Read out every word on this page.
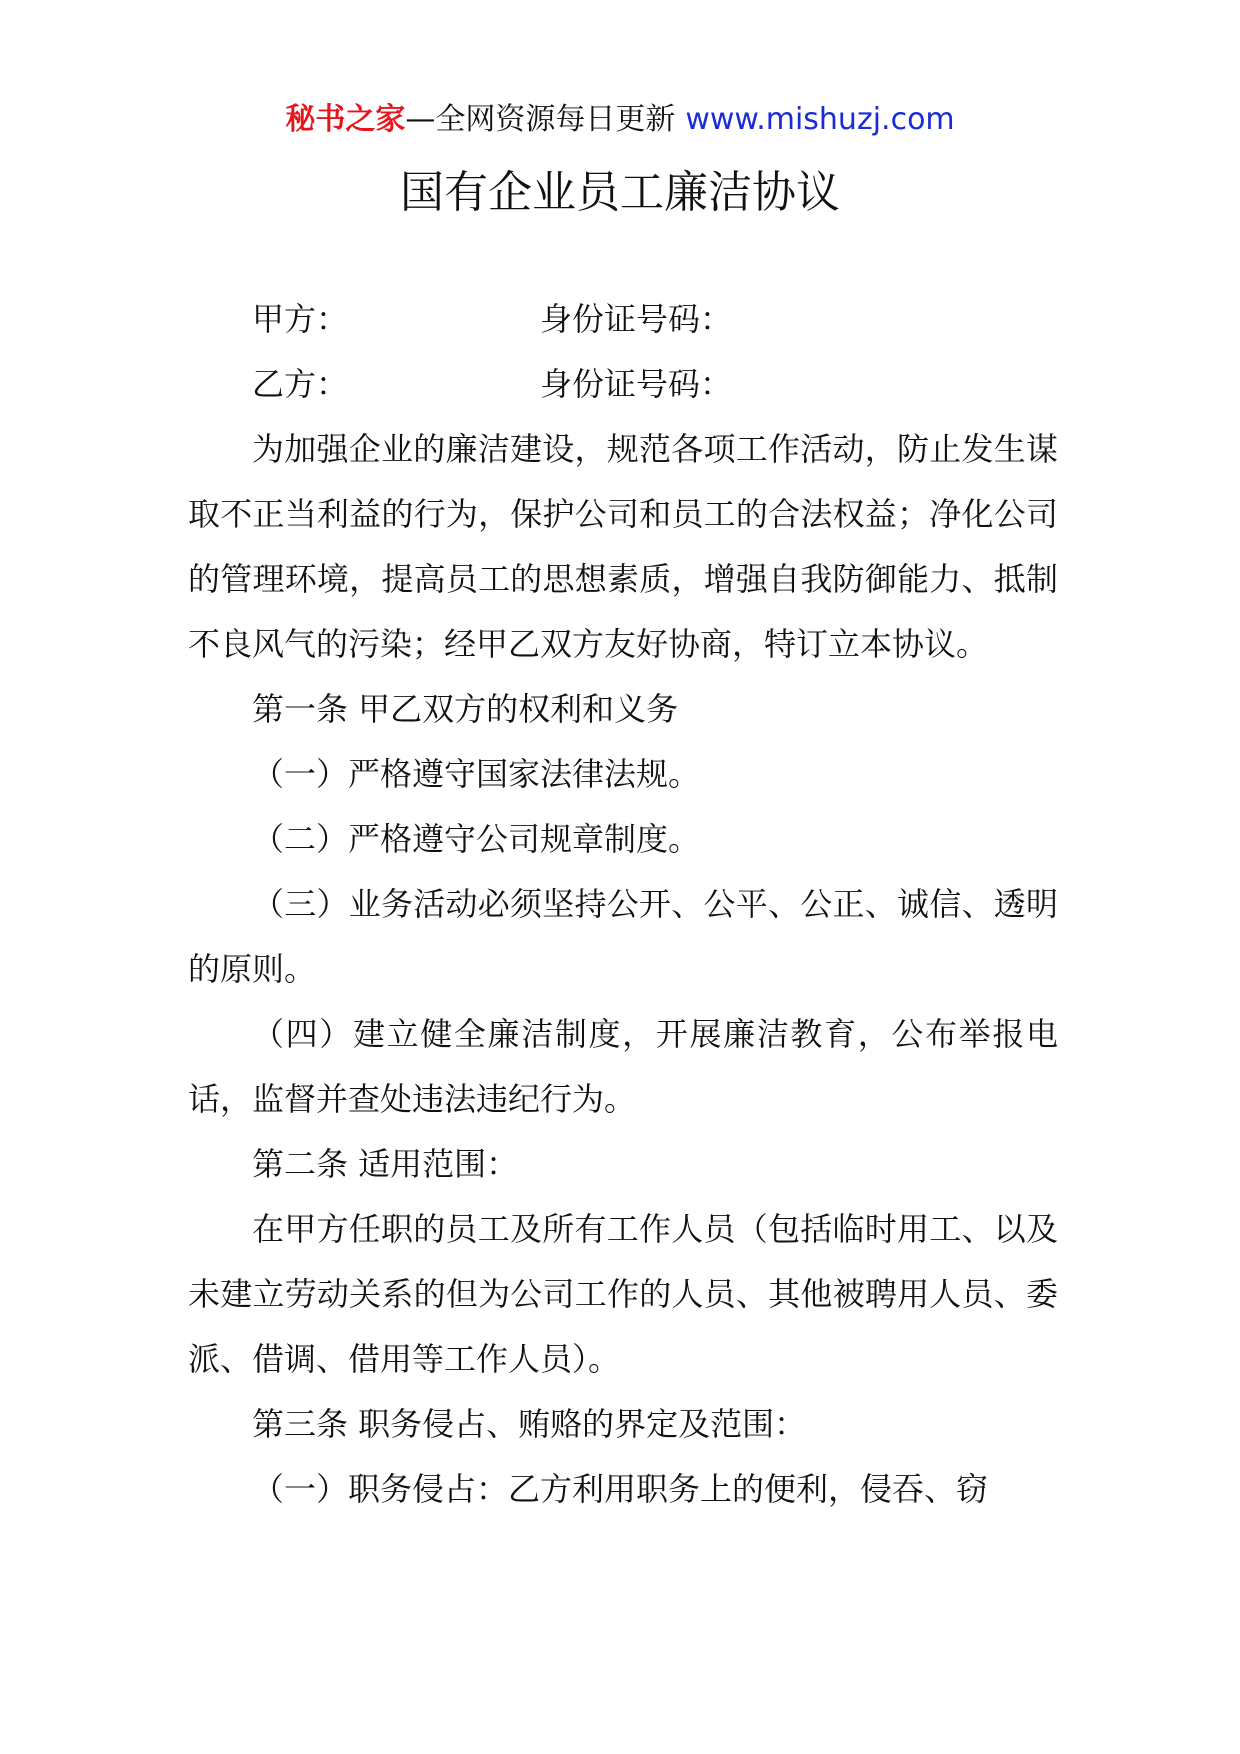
秘书之家—全网资源每日更新 www.mishuzj.com
国有企业员工廉洁协议

甲方：	身份证号码：

乙方：	身份证号码：

为加强企业的廉洁建设，规范各项工作活动，防止发生谋取不正当利益的行为，保护公司和员工的合法权益；净化公司的管理环境，提高员工的思想素质，增强自我防御能力、抵制不良风气的污染；经甲乙双方友好协商，特订立本协议。

第一条 甲乙双方的权利和义务

（一）严格遵守国家法律法规。

（二）严格遵守公司规章制度。

（三）业务活动必须坚持公开、公平、公正、诚信、透明的原则。

（四）建立健全廉洁制度，开展廉洁教育，公布举报电话，监督并查处违法违纪行为。

第二条 适用范围：

在甲方任职的员工及所有工作人员（包括临时用工、以及未建立劳动关系的但为公司工作的人员、其他被聘用人员、委派、借调、借用等工作人员）。

第三条 职务侵占、贿赂的界定及范围：

（一）职务侵占：乙方利用职务上的便利，侵吞、窃
